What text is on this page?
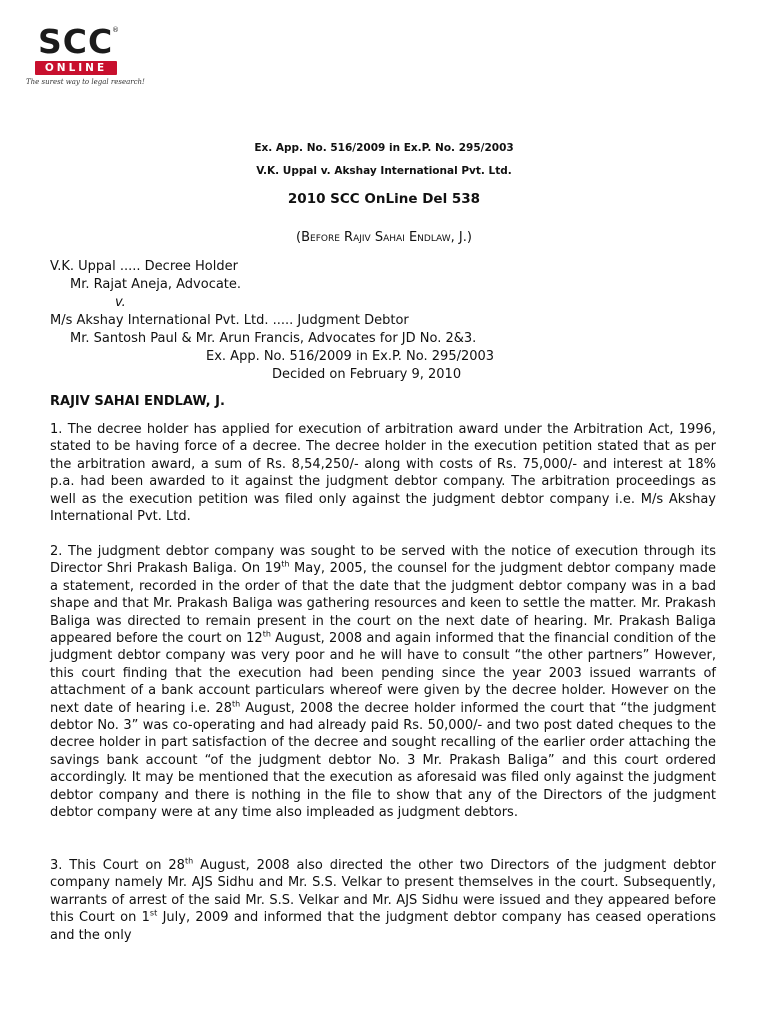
SCC
®
ONLINE
The surest way to legal research!
Ex. App. No. 516/2009 in Ex.P. No. 295/2003
V.K. Uppal v. Akshay International Pvt. Ltd.
2010 SCC OnLine Del 538
(Before Rajiv Sahai Endlaw, J.)
V.K. Uppal ..... Decree Holder
Mr. Rajat Aneja, Advocate.
v.
M/s Akshay International Pvt. Ltd. ..... Judgment Debtor
Mr. Santosh Paul & Mr. Arun Francis, Advocates for JD No. 2&3.
Ex. App. No. 516/2009 in Ex.P. No. 295/2003
Decided on February 9, 2010
RAJIV SAHAI ENDLAW, J.
1. The decree holder has applied for execution of arbitration award under the Arbitration Act, 1996, stated to be having force of a decree. The decree holder in the execution petition stated that as per the arbitration award, a sum of Rs. 8,54,250/- along with costs of Rs. 75,000/- and interest at 18% p.a. had been awarded to it against the judgment debtor company. The arbitration proceedings as well as the execution petition was filed only against the judgment debtor company i.e. M/s Akshay International Pvt. Ltd.
2. The judgment debtor company was sought to be served with the notice of execution through its Director Shri Prakash Baliga. On 19th May, 2005, the counsel for the judgment debtor company made a statement, recorded in the order of that the date that the judgment debtor company was in a bad shape and that Mr. Prakash Baliga was gathering resources and keen to settle the matter. Mr. Prakash Baliga was directed to remain present in the court on the next date of hearing. Mr. Prakash Baliga appeared before the court on 12th August, 2008 and again informed that the financial condition of the judgment debtor company was very poor and he will have to consult “the other partners” However, this court finding that the execution had been pending since the year 2003 issued warrants of attachment of a bank account particulars whereof were given by the decree holder. However on the next date of hearing i.e. 28th August, 2008 the decree holder informed the court that “the judgment debtor No. 3” was co-operating and had already paid Rs. 50,000/- and two post dated cheques to the decree holder in part satisfaction of the decree and sought recalling of the earlier order attaching the savings bank account “of the judgment debtor No. 3 Mr. Prakash Baliga” and this court ordered accordingly. It may be mentioned that the execution as aforesaid was filed only against the judgment debtor company and there is nothing in the file to show that any of the Directors of the judgment debtor company were at any time also impleaded as judgment debtors.
3. This Court on 28th August, 2008 also directed the other two Directors of the judgment debtor company namely Mr. AJS Sidhu and Mr. S.S. Velkar to present themselves in the court. Subsequently, warrants of arrest of the said Mr. S.S. Velkar and Mr. AJS Sidhu were issued and they appeared before this Court on 1st July, 2009 and informed that the judgment debtor company has ceased operations and the only
